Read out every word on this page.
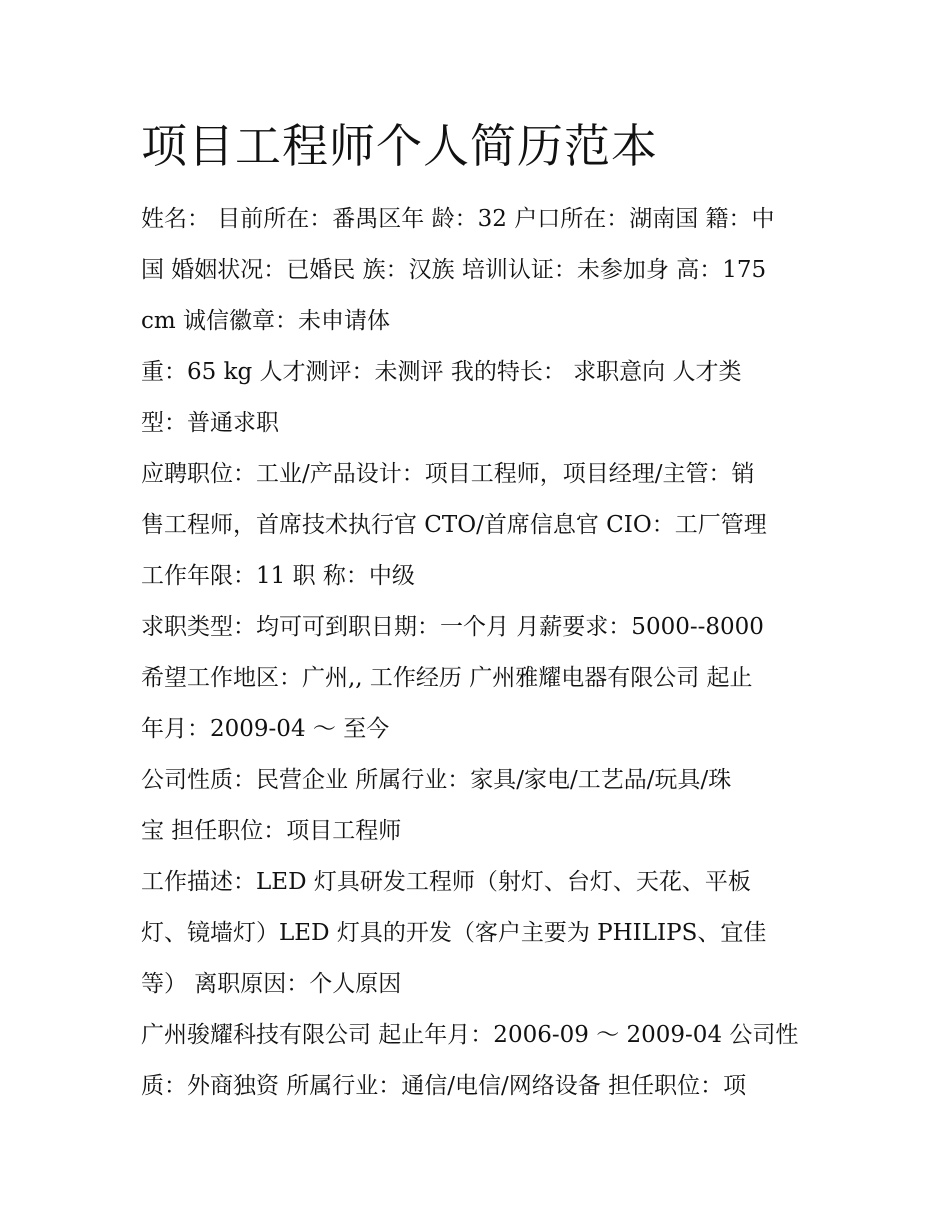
项目工程师个人简历范本

姓名： 目前所在：番禺区年 龄：32 户口所在：湖南国 籍：中

国 婚姻状况：已婚民 族：汉族 培训认证：未参加身 高：175

cm 诚信徽章：未申请体

重：65 kg 人才测评：未测评 我的特长： 求职意向 人才类

型：普通求职

应聘职位：工业/产品设计：项目工程师，项目经理/主管：销

售工程师，首席技术执行官 CTO/首席信息官 CIO：工厂管理

工作年限：11 职 称：中级

求职类型：均可可到职日期：一个月 月薪要求：5000--8000

希望工作地区：广州,, 工作经历 广州雅耀电器有限公司 起止

年月：2009-04 ～ 至今

公司性质：民营企业 所属行业：家具/家电/工艺品/玩具/珠

宝 担任职位：项目工程师

工作描述：LED 灯具研发工程师（射灯、台灯、天花、平板

灯、镜墙灯）LED 灯具的开发（客户主要为 PHILIPS、宜佳

等） 离职原因：个人原因

广州骏耀科技有限公司 起止年月：2006-09 ～ 2009-04 公司性

质：外商独资 所属行业：通信/电信/网络设备 担任职位：项
